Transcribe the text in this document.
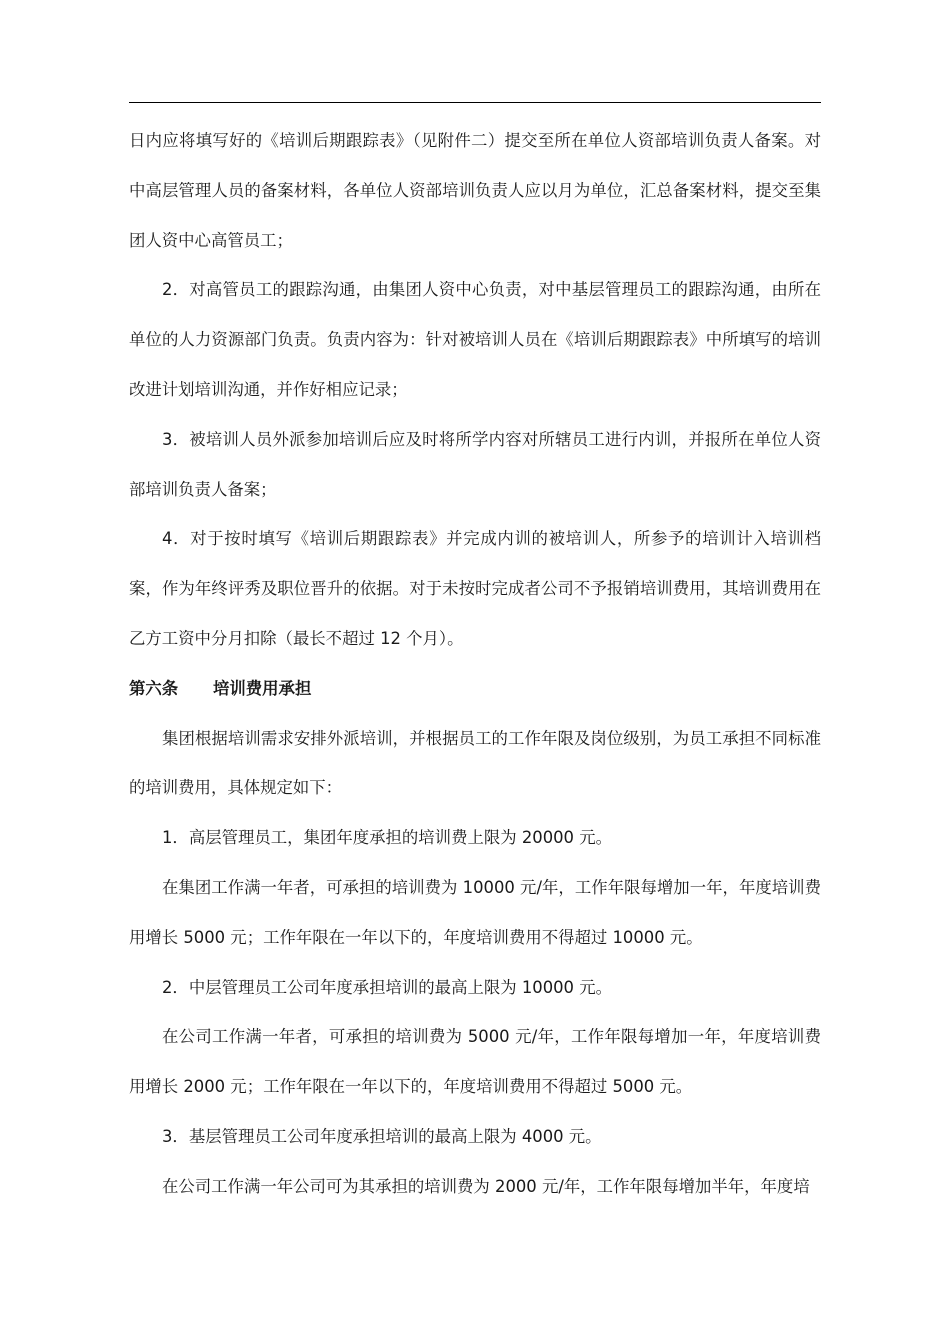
日内应将填写好的《培训后期跟踪表》（见附件二）提交至所在单位人资部培训负责人备案。对中高层管理人员的备案材料，各单位人资部培训负责人应以月为单位，汇总备案材料，提交至集团人资中心高管员工；

2．对高管员工的跟踪沟通，由集团人资中心负责，对中基层管理员工的跟踪沟通，由所在单位的人力资源部门负责。负责内容为：针对被培训人员在《培训后期跟踪表》中所填写的培训改进计划培训沟通，并作好相应记录；

3．被培训人员外派参加培训后应及时将所学内容对所辖员工进行内训，并报所在单位人资部培训负责人备案；

4．对于按时填写《培训后期跟踪表》并完成内训的被培训人，所参予的培训计入培训档案，作为年终评秀及职位晋升的依据。对于未按时完成者公司不予报销培训费用，其培训费用在乙方工资中分月扣除（最长不超过 12 个月）。

第六条	培训费用承担

集团根据培训需求安排外派培训，并根据员工的工作年限及岗位级别，为员工承担不同标准的培训费用，具体规定如下：

1．高层管理员工，集团年度承担的培训费上限为 20000 元。

在集团工作满一年者，可承担的培训费为 10000 元/年，工作年限每增加一年，年度培训费用增长 5000 元；工作年限在一年以下的，年度培训费用不得超过 10000 元。

2．中层管理员工公司年度承担培训的最高上限为 10000 元。

在公司工作满一年者，可承担的培训费为 5000 元/年，工作年限每增加一年，年度培训费用增长 2000 元；工作年限在一年以下的，年度培训费用不得超过 5000 元。

3．基层管理员工公司年度承担培训的最高上限为 4000 元。

在公司工作满一年公司可为其承担的培训费为 2000 元/年，工作年限每增加半年，年度培
